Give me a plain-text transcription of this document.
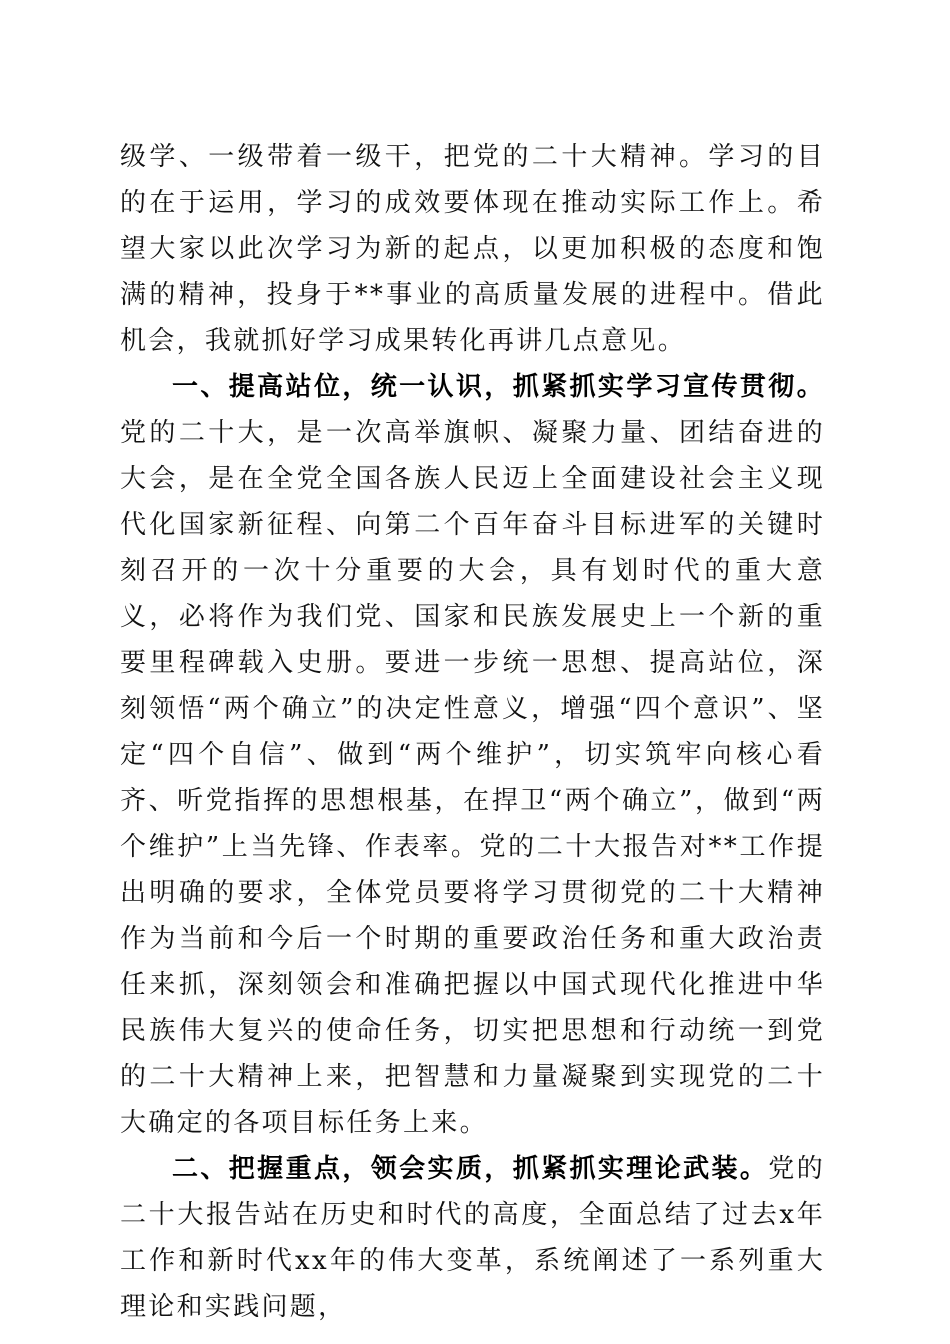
级学、一级带着一级干，把党的二十大精神。学习的目的在于运用，学习的成效要体现在推动实际工作上。希望大家以此次学习为新的起点，以更加积极的态度和饱满的精神，投身于**事业的高质量发展的进程中。借此机会，我就抓好学习成果转化再讲几点意见。

一、提高站位，统一认识，抓紧抓实学习宣传贯彻。党的二十大，是一次高举旗帜、凝聚力量、团结奋进的大会，是在全党全国各族人民迈上全面建设社会主义现代化国家新征程、向第二个百年奋斗目标进军的关键时刻召开的一次十分重要的大会，具有划时代的重大意义，必将作为我们党、国家和民族发展史上一个新的重要里程碑载入史册。要进一步统一思想、提高站位，深刻领悟“两个确立”的决定性意义，增强“四个意识”、坚定“四个自信”、做到“两个维护”，切实筑牢向核心看齐、听党指挥的思想根基，在捍卫“两个确立”，做到“两个维护”上当先锋、作表率。党的二十大报告对**工作提出明确的要求，全体党员要将学习贯彻党的二十大精神作为当前和今后一个时期的重要政治任务和重大政治责任来抓，深刻领会和准确把握以中国式现代化推进中华民族伟大复兴的使命任务，切实把思想和行动统一到党的二十大精神上来，把智慧和力量凝聚到实现党的二十大确定的各项目标任务上来。

二、把握重点，领会实质，抓紧抓实理论武装。党的二十大报告站在历史和时代的高度，全面总结了过去x年工作和新时代xx年的伟大变革，系统阐述了一系列重大理论和实践问题，
